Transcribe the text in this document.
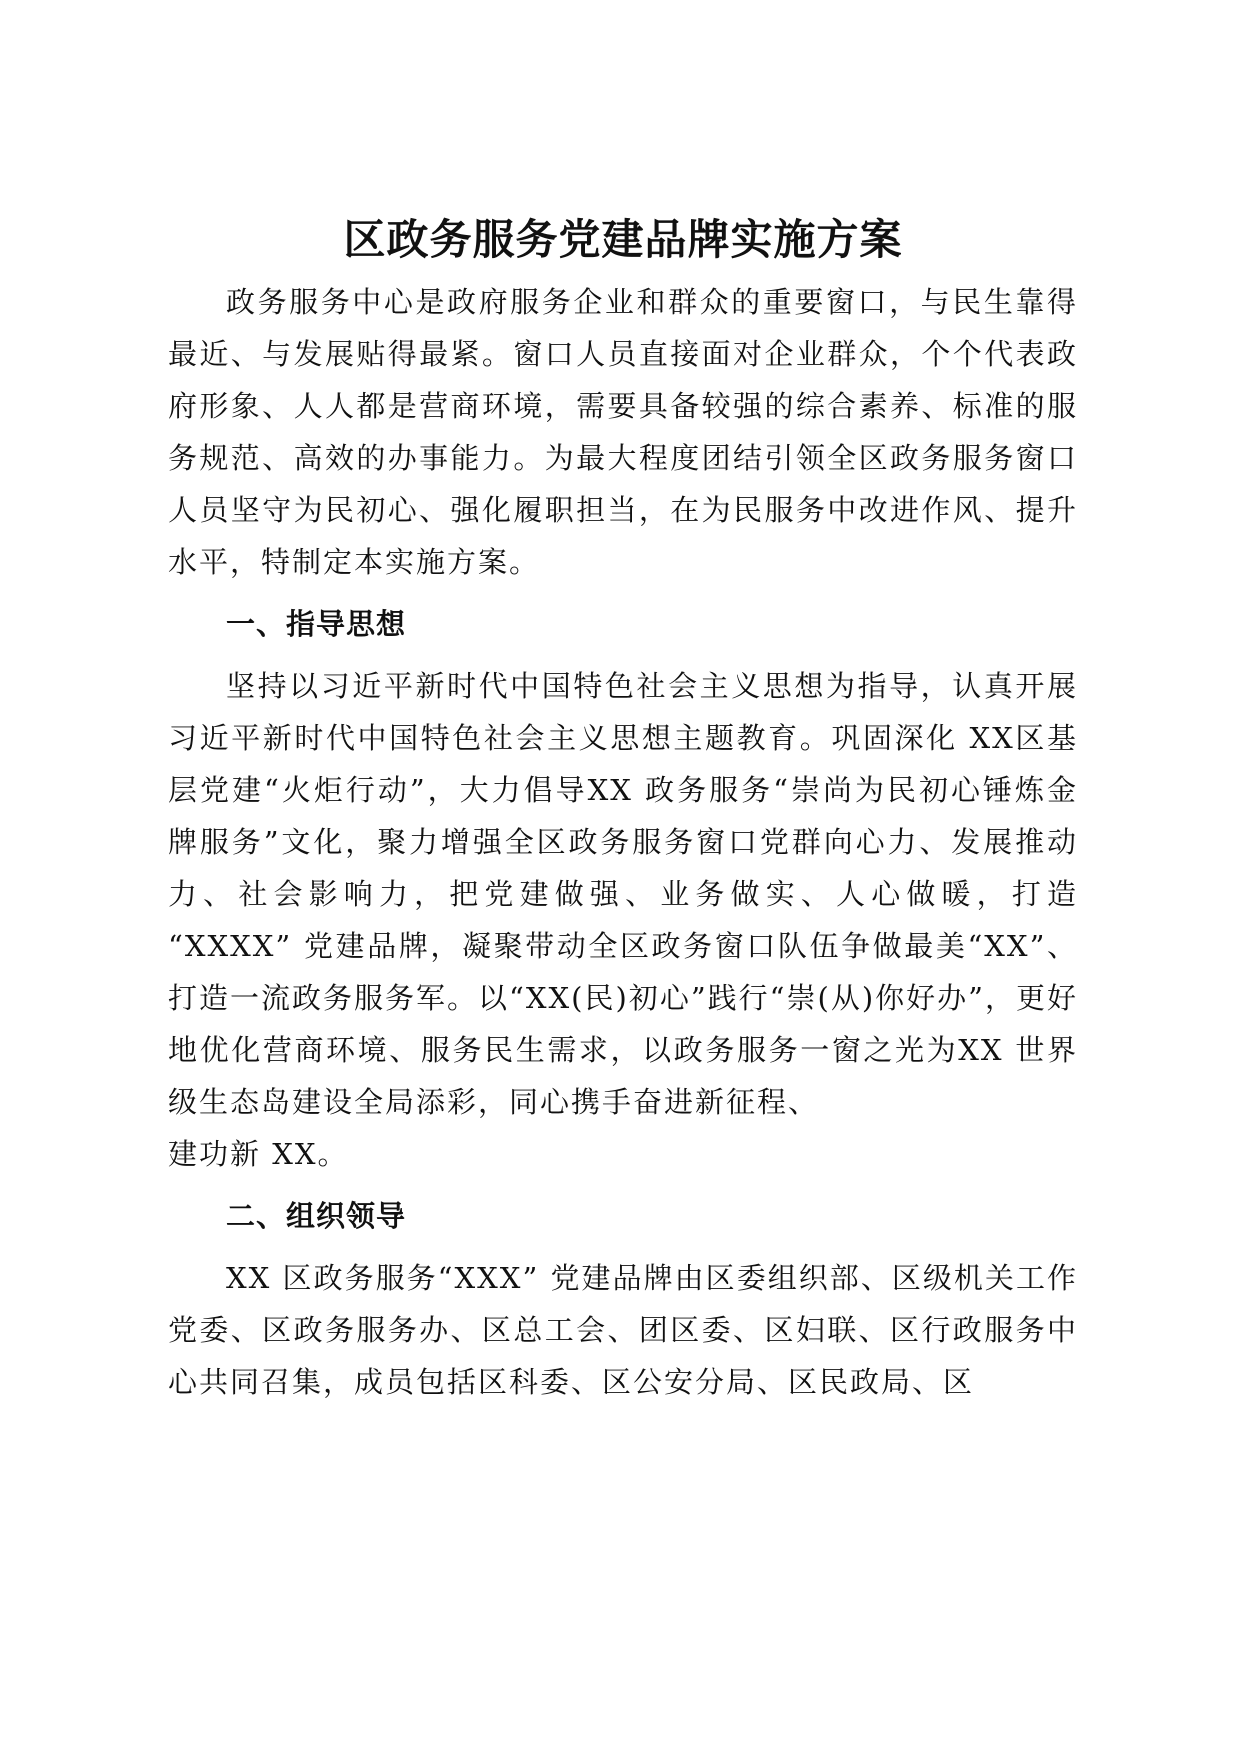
区政务服务党建品牌实施方案

政务服务中心是政府服务企业和群众的重要窗口，与民生靠得最近、与发展贴得最紧。窗口人员直接面对企业群众，个个代表政府形象、人人都是营商环境，需要具备较强的综合素养、标准的服务规范、高效的办事能力。为最大程度团结引领全区政务服务窗口人员坚守为民初心、强化履职担当，在为民服务中改进作风、提升水平，特制定本实施方案。

一、指导思想

坚持以习近平新时代中国特色社会主义思想为指导，认真开展习近平新时代中国特色社会主义思想主题教育。巩固深化 XX区基层党建“火炬行动”，大力倡导XX 政务服务“崇尚为民初心锤炼金牌服务”文化，聚力增强全区政务服务窗口党群向心力、发展推动力、社会影响力，把党建做强、业务做实、人心做暖，打造 “XXXX” 党建品牌，凝聚带动全区政务窗口队伍争做最美“XX”、打造一流政务服务军。以“XX(民)初心”践行“崇(从)你好办”，更好地优化营商环境、服务民生需求，以政务服务一窗之光为XX 世界级生态岛建设全局添彩，同心携手奋进新征程、

建功新 XX。

二、组织领导

XX 区政务服务“XXX” 党建品牌由区委组织部、区级机关工作党委、区政务服务办、区总工会、团区委、区妇联、区行政服务中心共同召集，成员包括区科委、区公安分局、区民政局、区
